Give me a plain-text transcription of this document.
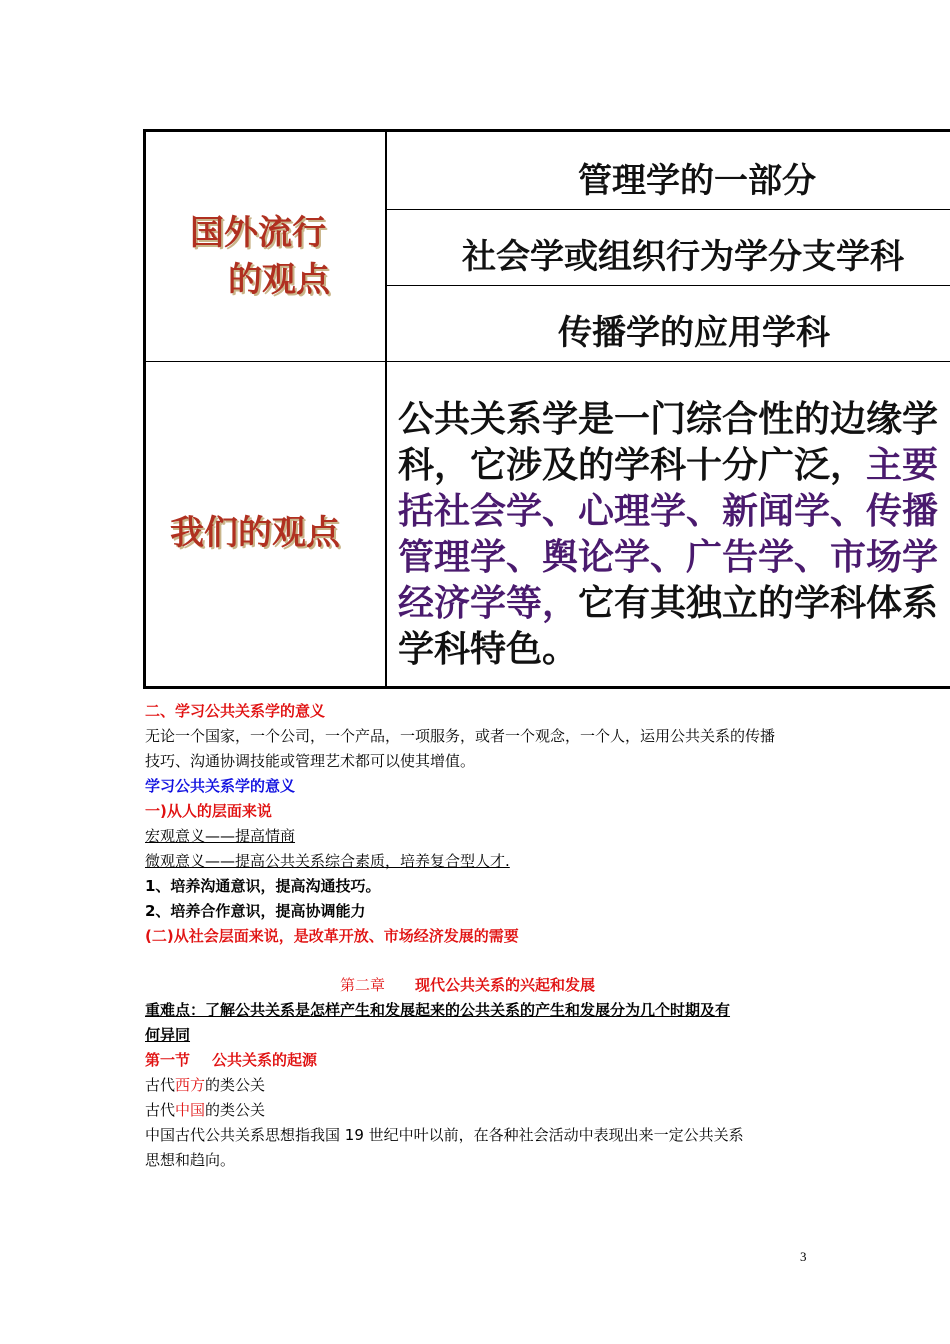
国外流行
的观点
管理学的一部分
社会学或组织行为学分支学科
传播学的应用学科
我们的观点
公共关系学是一门综合性的边缘学
科，它涉及的学科十分广泛，主要
括社会学、心理学、新闻学、传播
管理学、舆论学、广告学、市场学
经济学等，它有其独立的学科体系
学科特色。
二、学习公共关系学的意义
无论一个国家，一个公司，一个产品，一项服务，或者一个观念，一个人，运用公共关系的传播
技巧、沟通协调技能或管理艺术都可以使其增值。
学习公共关系学的意义
一)从人的层面来说
宏观意义——提高情商
微观意义——提高公共关系综合素质，培养复合型人才.
1、培养沟通意识，提高沟通技巧。
2、培养合作意识，提高协调能力
(二)从社会层面来说，是改革开放、市场经济发展的需要
第二章 现代公共关系的兴起和发展
重难点：了解公共关系是怎样产生和发展起来的公共关系的产生和发展分为几个时期及有
何异同
第一节 公共关系的起源
古代西方的类公关
古代中国的类公关
中国古代公共关系思想指我国 19 世纪中叶以前，在各种社会活动中表现出来一定公共关系
思想和趋向。
3
